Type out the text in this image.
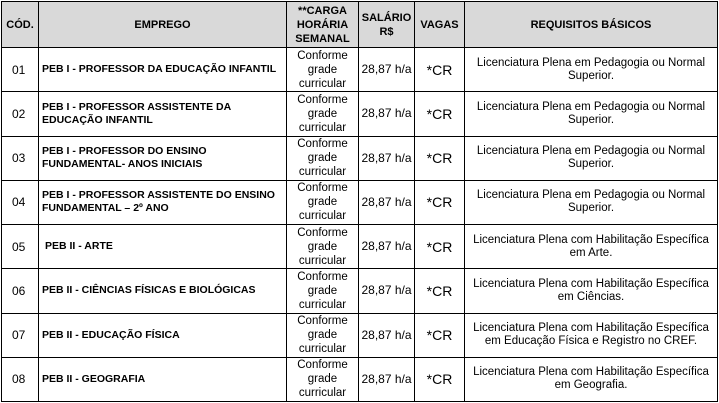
CÓD.	EMPREGO	**CARGA HORÁRIA SEMANAL	SALÁRIO R$	VAGAS	REQUISITOS BÁSICOS
01	PEB I - PROFESSOR DA EDUCAÇÃO INFANTIL	Conforme grade curricular	28,87 h/a	*CR	Licenciatura Plena em Pedagogia ou Normal Superior.
02	PEB I - PROFESSOR ASSISTENTE DA EDUCAÇÃO INFANTIL	Conforme grade curricular	28,87 h/a	*CR	Licenciatura Plena em Pedagogia ou Normal Superior.
03	PEB I - PROFESSOR DO ENSINO FUNDAMENTAL- ANOS INICIAIS	Conforme grade curricular	28,87 h/a	*CR	Licenciatura Plena em Pedagogia ou Normal Superior.
04	PEB I - PROFESSOR ASSISTENTE DO ENSINO FUNDAMENTAL – 2º ANO	Conforme grade curricular	28,87 h/a	*CR	Licenciatura Plena em Pedagogia ou Normal Superior.
05	PEB II - ARTE	Conforme grade curricular	28,87 h/a	*CR	Licenciatura Plena com Habilitação Específica em Arte.
06	PEB II - CIÊNCIAS FÍSICAS E BIOLÓGICAS	Conforme grade curricular	28,87 h/a	*CR	Licenciatura Plena com Habilitação Específica em Ciências.
07	PEB II - EDUCAÇÃO FÍSICA	Conforme grade curricular	28,87 h/a	*CR	Licenciatura Plena com Habilitação Específica em Educação Física e Registro no CREF.
08	PEB II - GEOGRAFIA	Conforme grade curricular	28,87 h/a	*CR	Licenciatura Plena com Habilitação Específica em Geografia.
